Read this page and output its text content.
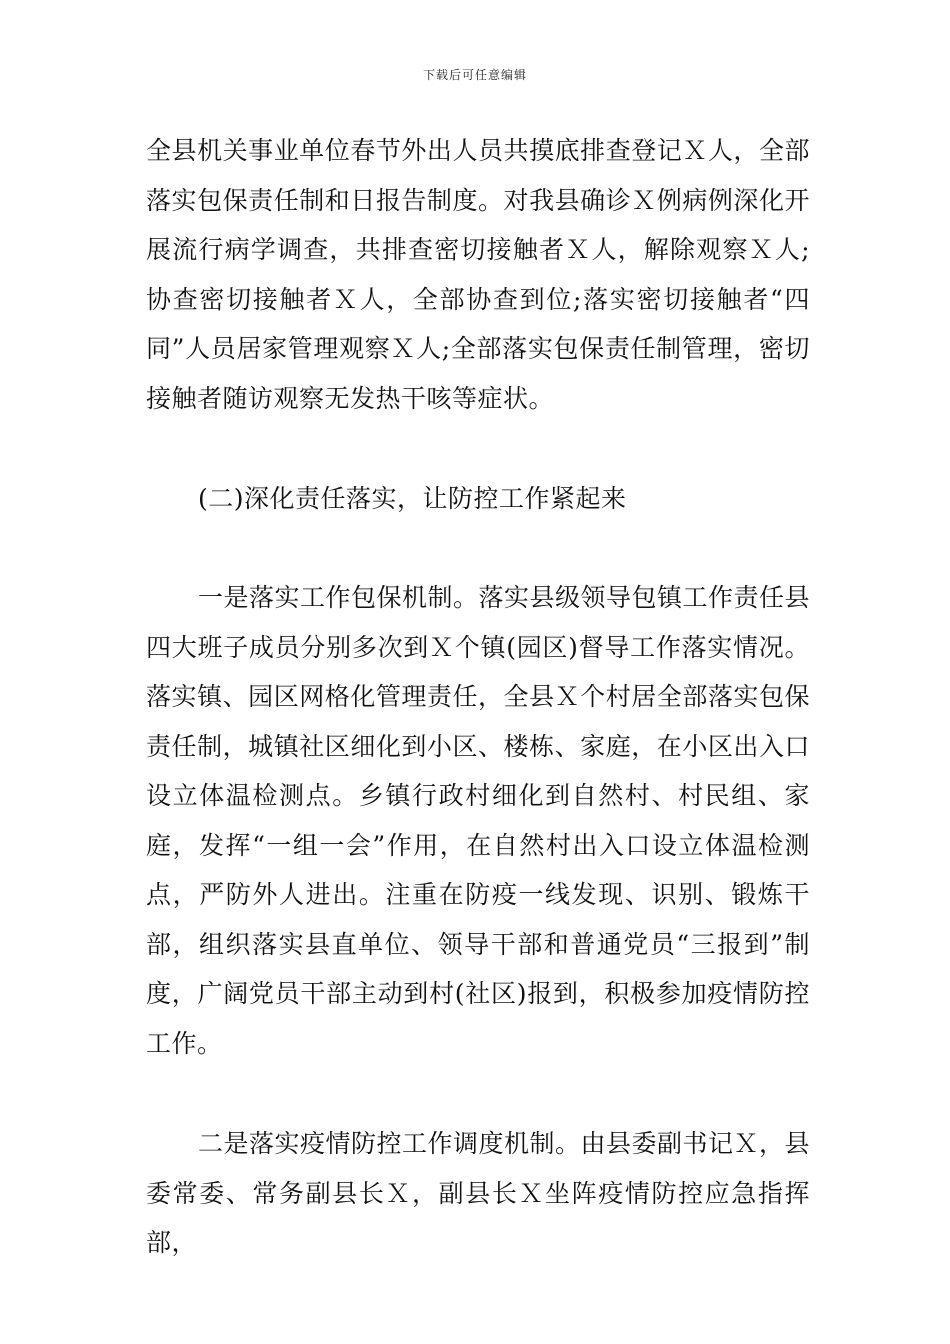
下载后可任意编辑

全县机关事业单位春节外出人员共摸底排查登记Ｘ人，全部落实包保责任制和日报告制度。对我县确诊Ｘ例病例深化开展流行病学调查，共排查密切接触者Ｘ人，解除观察Ｘ人;协查密切接触者Ｘ人，全部协查到位;落实密切接触者“四同”人员居家管理观察Ｘ人;全部落实包保责任制管理，密切接触者随访观察无发热干咳等症状。

(二)深化责任落实，让防控工作紧起来

一是落实工作包保机制。落实县级领导包镇工作责任县四大班子成员分别多次到Ｘ个镇(园区)督导工作落实情况。落实镇、园区网格化管理责任，全县Ｘ个村居全部落实包保责任制，城镇社区细化到小区、楼栋、家庭，在小区出入口设立体温检测点。乡镇行政村细化到自然村、村民组、家庭，发挥“一组一会”作用，在自然村出入口设立体温检测点，严防外人进出。注重在防疫一线发现、识别、锻炼干部，组织落实县直单位、领导干部和普通党员“三报到”制度，广阔党员干部主动到村(社区)报到，积极参加疫情防控工作。

二是落实疫情防控工作调度机制。由县委副书记Ｘ，县委常委、常务副县长Ｘ，副县长Ｘ坐阵疫情防控应急指挥部，
